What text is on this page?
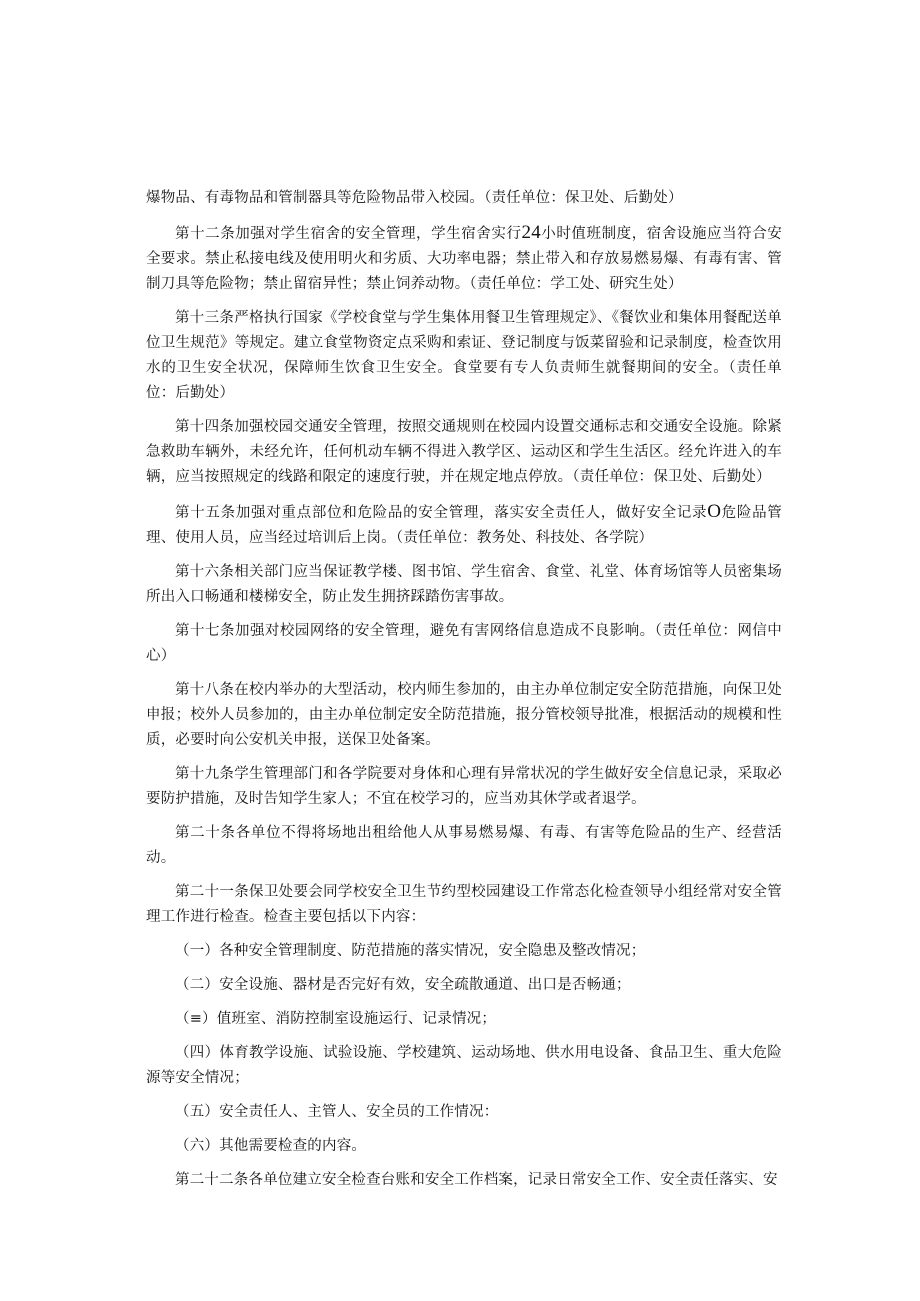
爆物品、有毒物品和管制器具等危险物品带入校园。（责任单位：保卫处、后勤处）

第十二条加强对学生宿舍的安全管理，学生宿舍实行24小时值班制度，宿舍设施应当符合安全要求。禁止私接电线及使用明火和劣质、大功率电器；禁止带入和存放易燃易爆、有毒有害、管制刀具等危险物；禁止留宿异性；禁止饲养动物。（责任单位：学工处、研究生处）

第十三条严格执行国家《学校食堂与学生集体用餐卫生管理规定》、《餐饮业和集体用餐配送单位卫生规范》等规定。建立食堂物资定点采购和索证、登记制度与饭菜留验和记录制度，检查饮用水的卫生安全状况，保障师生饮食卫生安全。食堂要有专人负责师生就餐期间的安全。（责任单位：后勤处）

第十四条加强校园交通安全管理，按照交通规则在校园内设置交通标志和交通安全设施。除紧急救助车辆外，未经允许，任何机动车辆不得进入教学区、运动区和学生生活区。经允许进入的车辆，应当按照规定的线路和限定的速度行驶，并在规定地点停放。（责任单位：保卫处、后勤处）

第十五条加强对重点部位和危险品的安全管理，落实安全责任人，做好安全记录O危险品管理、使用人员，应当经过培训后上岗。（责任单位：教务处、科技处、各学院）

第十六条相关部门应当保证教学楼、图书馆、学生宿舍、食堂、礼堂、体育场馆等人员密集场所出入口畅通和楼梯安全，防止发生拥挤踩踏伤害事故。

第十七条加强对校园网络的安全管理，避免有害网络信息造成不良影响。（责任单位：网信中心）

第十八条在校内举办的大型活动，校内师生参加的，由主办单位制定安全防范措施，向保卫处申报；校外人员参加的，由主办单位制定安全防范措施，报分管校领导批准，根据活动的规模和性质，必要时向公安机关申报，送保卫处备案。

第十九条学生管理部门和各学院要对身体和心理有异常状况的学生做好安全信息记录，采取必要防护措施，及时告知学生家人；不宜在校学习的，应当劝其休学或者退学。

第二十条各单位不得将场地出租给他人从事易燃易爆、有毒、有害等危险品的生产、经营活动。

第二十一条保卫处要会同学校安全卫生节约型校园建设工作常态化检查领导小组经常对安全管理工作进行检查。检查主要包括以下内容：

（一）各种安全管理制度、防范措施的落实情况，安全隐患及整改情况；

（二）安全设施、器材是否完好有效，安全疏散通道、出口是否畅通；

（≡）值班室、消防控制室设施运行、记录情况；

（四）体育教学设施、试验设施、学校建筑、运动场地、供水用电设备、食品卫生、重大危险源等安全情况；

（五）安全责任人、主管人、安全员的工作情况：

（六）其他需要检查的内容。

第二十二条各单位建立安全检查台账和安全工作档案，记录日常安全工作、安全责任落实、安
